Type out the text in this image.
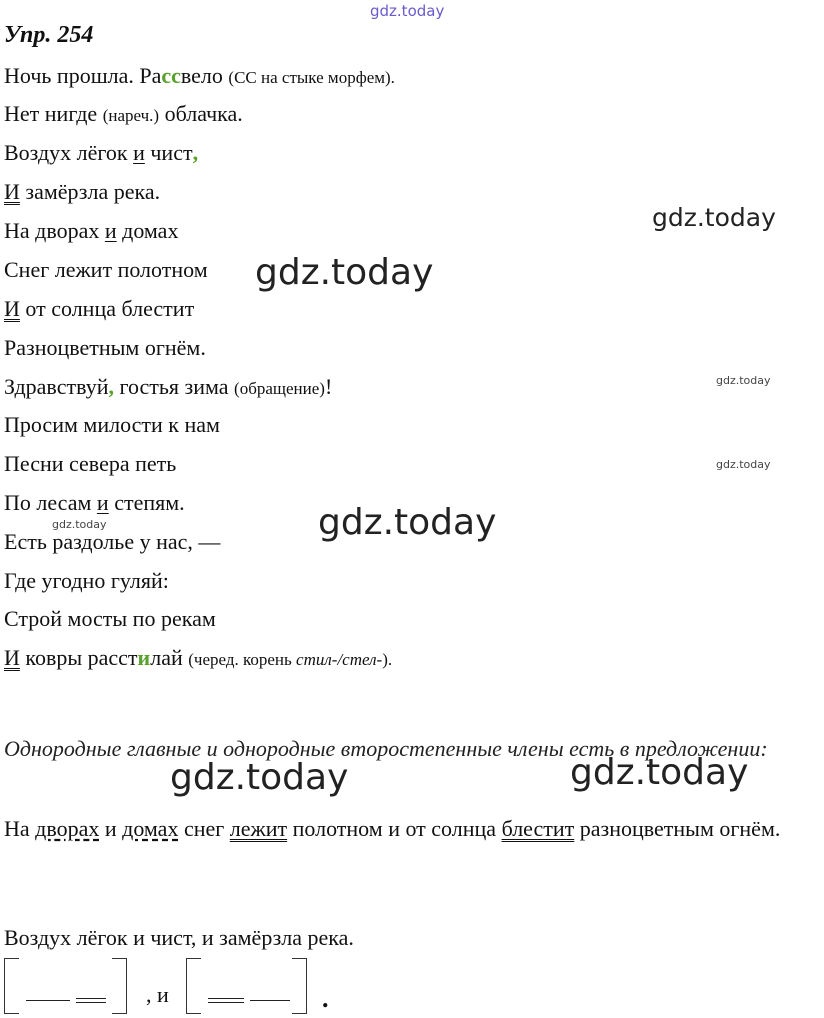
gdz.today
Упр. 254
Ночь прошла. Рассвело (СС на стыке морфем).
Нет нигде (нареч.) облачка.
Воздух лёгок и чист,
И замёрзла река.
На дворах и домах
Снег лежит полотном
И от солнца блестит
Разноцветным огнём.
Здравствуй, гостья зима (обращение)!
Просим милости к нам
Песни севера петь
По лесам и степям.
Есть раздолье у нас, —
Где угодно гуляй:
Строй мосты по рекам
И ковры расстилай (черед. корень стил-/стел-).
gdz.today
gdz.today
gdz.today
gdz.today
gdz.today
gdz.today
Однородные главные и однородные второстепенные члены есть в предложении:
gdz.today	gdz.today
На дворах и домах снег лежит полотном и от солнца блестит разноцветным огнём.
Воздух лёгок и чист, и замёрзла река.
, и	.
